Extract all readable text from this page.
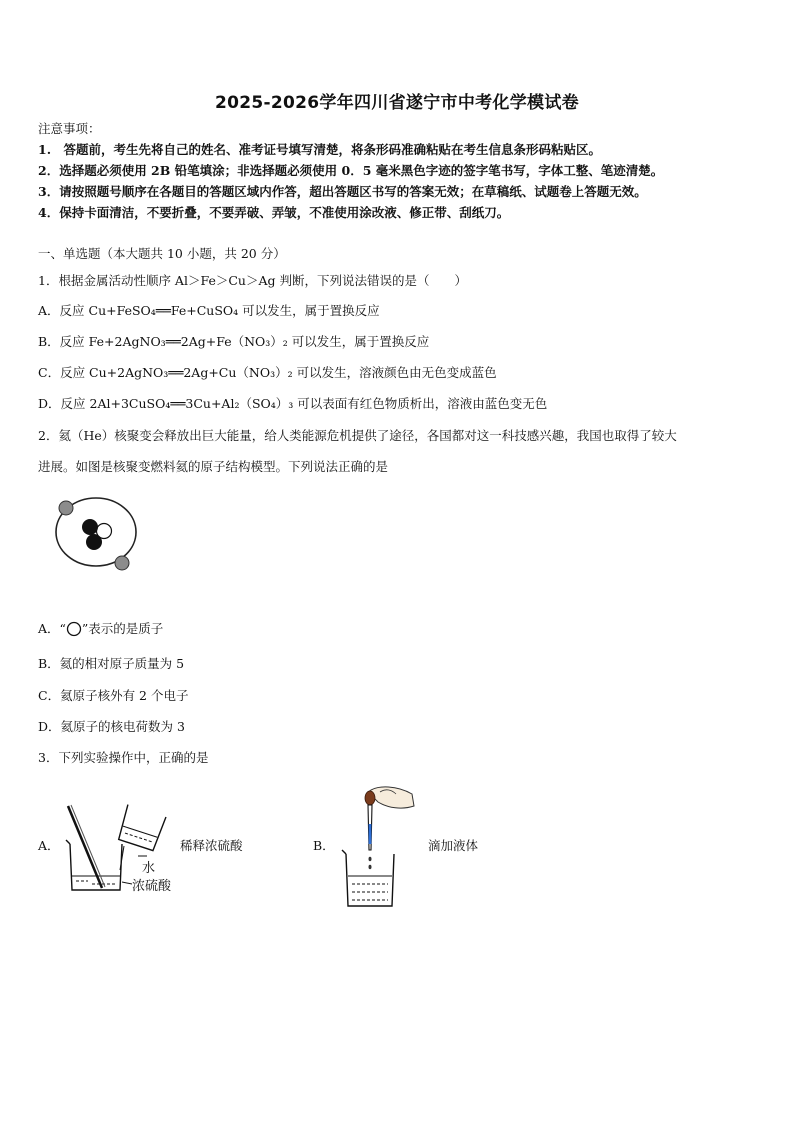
2025-2026学年四川省遂宁市中考化学模试卷
注意事项：
1.　答题前，考生先将自己的姓名、准考证号填写清楚，将条形码准确粘贴在考生信息条形码粘贴区。
2．选择题必须使用 2B 铅笔填涂；非选择题必须使用 0．5 毫米黑色字迹的签字笔书写，字体工整、笔迹清楚。
3．请按照题号顺序在各题目的答题区域内作答，超出答题区书写的答案无效；在草稿纸、试题卷上答题无效。
4．保持卡面清洁，不要折叠，不要弄破、弄皱，不准使用涂改液、修正带、刮纸刀。
一、单选题（本大题共 10 小题，共 20 分）
1．根据金属活动性顺序 Al＞Fe＞Cu＞Ag 判断，下列说法错误的是（　　）
A．反应 Cu+FeSO₄══Fe+CuSO₄ 可以发生，属于置换反应
B．反应 Fe+2AgNO₃══2Ag+Fe（NO₃）₂ 可以发生，属于置换反应
C．反应 Cu+2AgNO₃══2Ag+Cu（NO₃）₂ 可以发生，溶液颜色由无色变成蓝色
D．反应 2Al+3CuSO₄══3Cu+Al₂（SO₄）₃ 可以表面有红色物质析出，溶液由蓝色变无色
2．氦（He）核聚变会释放出巨大能量，给人类能源危机提供了途径，各国都对这一科技感兴趣，我国也取得了较大
进展。如图是核聚变燃料氦的原子结构模型。下列说法正确的是
A．“ ”表示的是质子
B．氦的相对原子质量为 5
C．氦原子核外有 2 个电子
D．氦原子的核电荷数为 3
3．下列实验操作中，正确的是
A．
水
浓硫酸
稀释浓硫酸	B．	滴加液体
